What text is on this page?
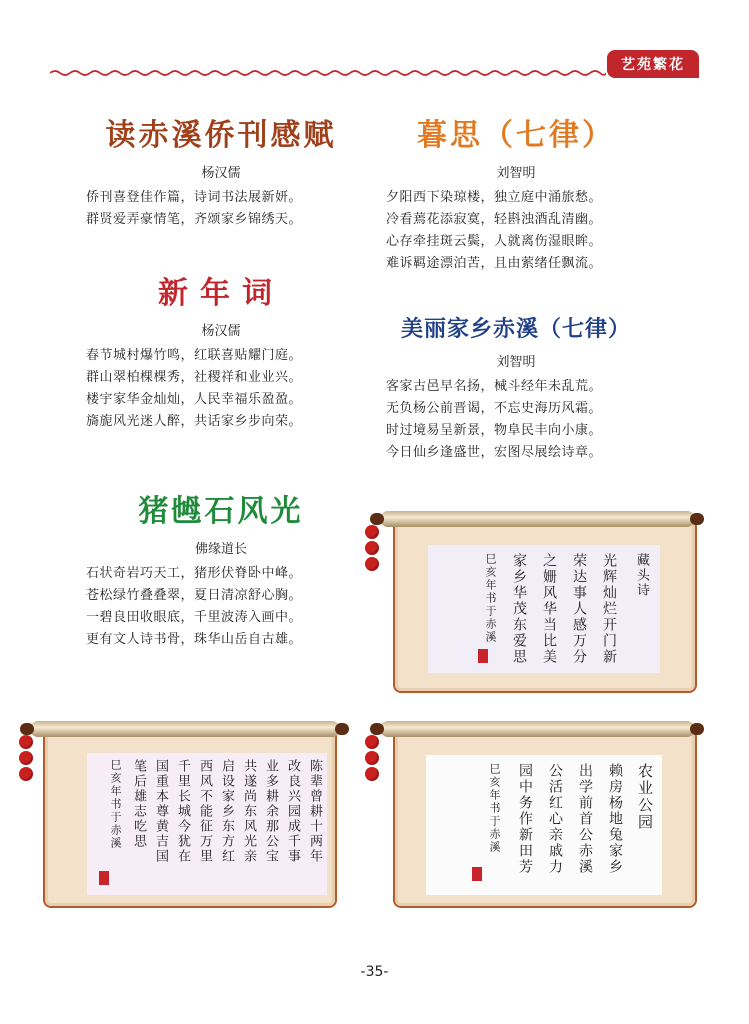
艺苑繁花
读赤溪侨刊感赋
杨汉儒
侨刊喜登佳作篇，诗词书法展新妍。
群贤爱弄豪情笔，齐颂家乡锦绣天。
暮思（七律）
刘智明
夕阳西下染琼楼，独立庭中涌旅愁。
冷看蔫花添寂寞，轻斟浊酒乱清幽。
心存牵挂斑云鬓，人就离伤湿眼眸。
难诉羁途漂泊苦，且由萦绪任飘流。
新年词
杨汉儒
春节城村爆竹鸣，红联喜贴耀门庭。
群山翠柏棵棵秀，社稷祥和业业兴。
楼宇家华金灿灿，人民幸福乐盈盈。
旖旎风光迷人醉，共话家乡步向荣。
美丽家乡赤溪（七律）
刘智明
客家古邑早名扬，械斗经年未乱荒。
无负杨公前晋谒，不忘史海历风霜。
时过境易呈新景，物阜民丰向小康。
今日仙乡逢盛世，宏图尽展绘诗章。
猪乸石风光
佛缘道长
石状奇岩巧天工，猪形伏脊卧中峰。
苍松绿竹叠叠翠，夏日清凉舒心胸。
一碧良田收眼底，千里波涛入画中。
更有文人诗书骨，珠华山岳自古雄。
藏头诗
光辉灿烂开门新
荣达事人感万分
之姗风华当比美
家乡华茂东爱思
巳亥年书于赤溪
陈辈曾耕十两年
改良兴园成千事
业多耕余那公宝
共遂尚东风光亲
启设家乡东方红
西风不能征万里
千里长城今犹在
国重本尊黄吉国
笔后雄志吃思
巳亥年书于赤溪	农业公园
赖房杨地兔家乡
出学前首公赤溪
公活红心亲戚力
园中务作新田芳
巳亥年书于赤溪
-35-
